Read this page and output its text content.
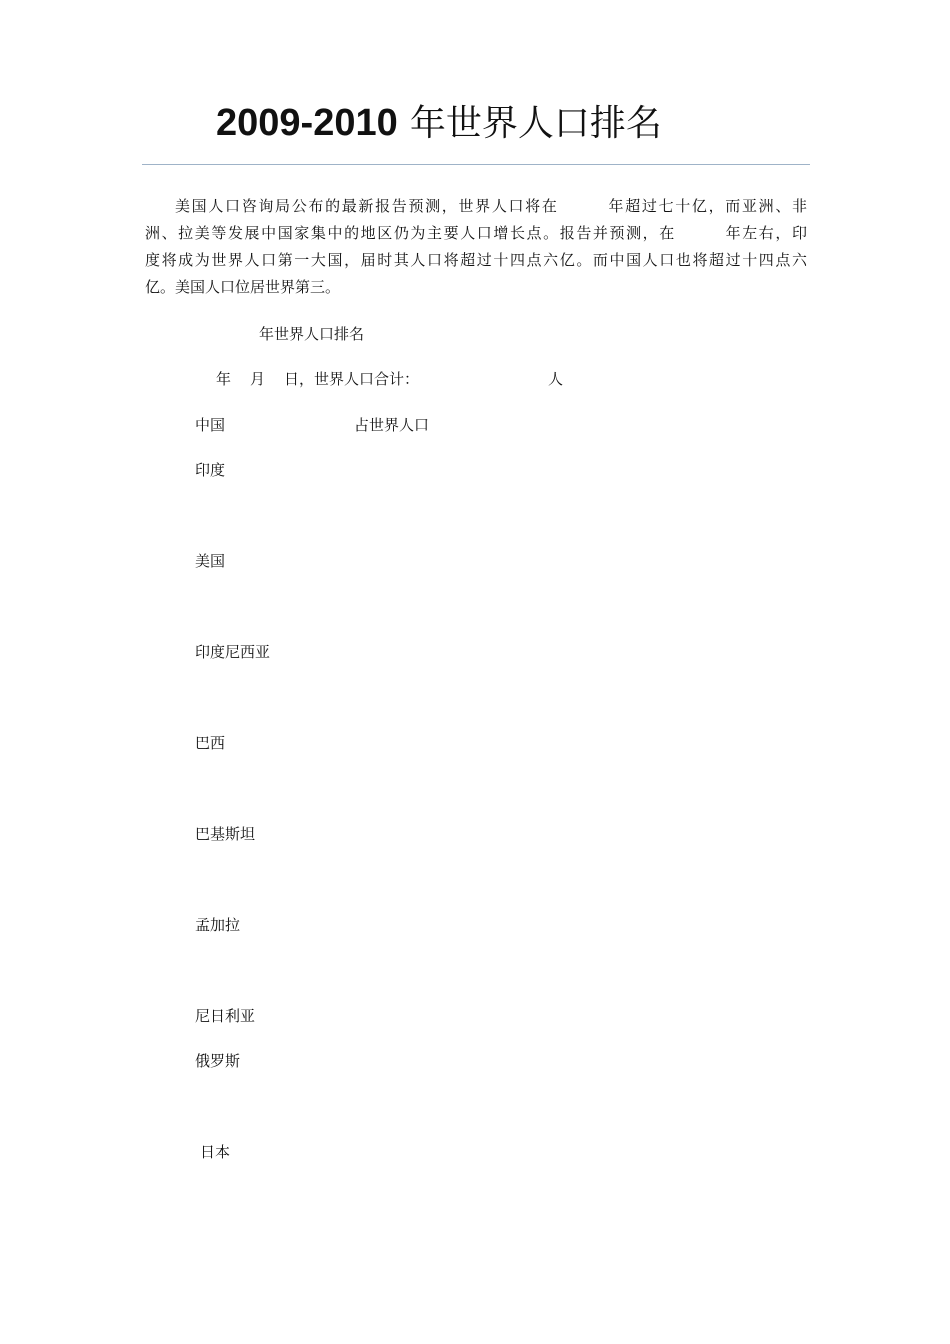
2009-2010 年世界人口排名
美国人口咨询局公布的最新报告预测，世界人口将在　　　年超过七十亿，而亚洲、非
洲、拉美等发展中国家集中的地区仍为主要人口增长点。报告并预测，在　　　年左右，印
度将成为世界人口第一大国，届时其人口将超过十四点六亿。而中国人口也将超过十四点六
亿。美国人口位居世界第三。
年世界人口排名
年 月 日，世界人口合计：	人
中国	占世界人口
印度
美国
印度尼西亚
巴西
巴基斯坦
孟加拉
尼日利亚
俄罗斯
日本
